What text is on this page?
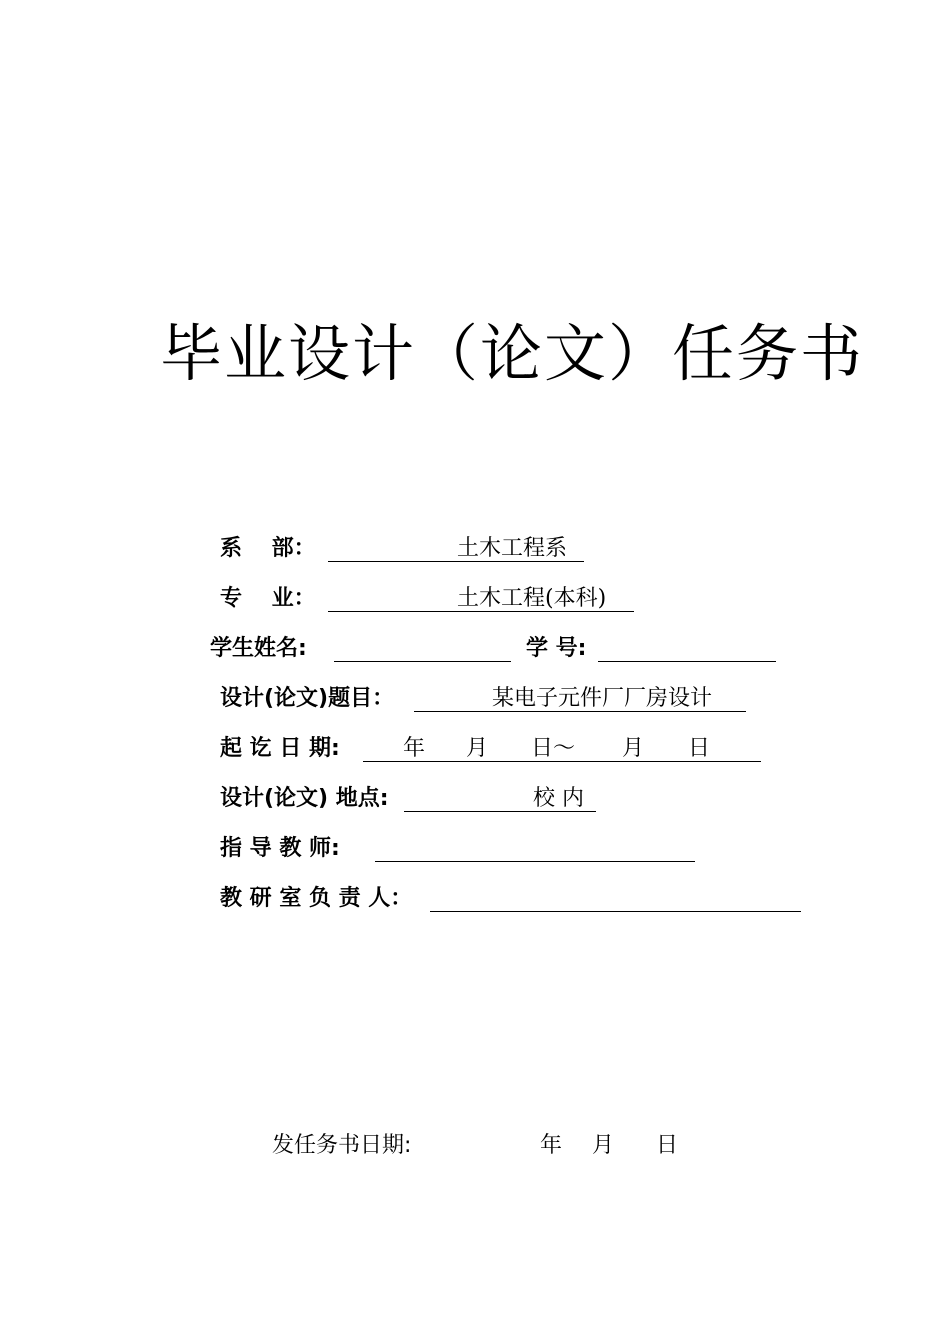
毕业设计（论文）任务书
系　 部：	土木工程系
专　 业：	土木工程(本科)
学生姓名:	学 号:
设计(论文)题目：	某电子元件厂厂房设计
起 讫 日 期:	年 月 日～ 月 日
设计(论文) 地点:	校 内
指 导 教 师:
教 研 室 负 责 人：
发任务书日期:	年 月 日
